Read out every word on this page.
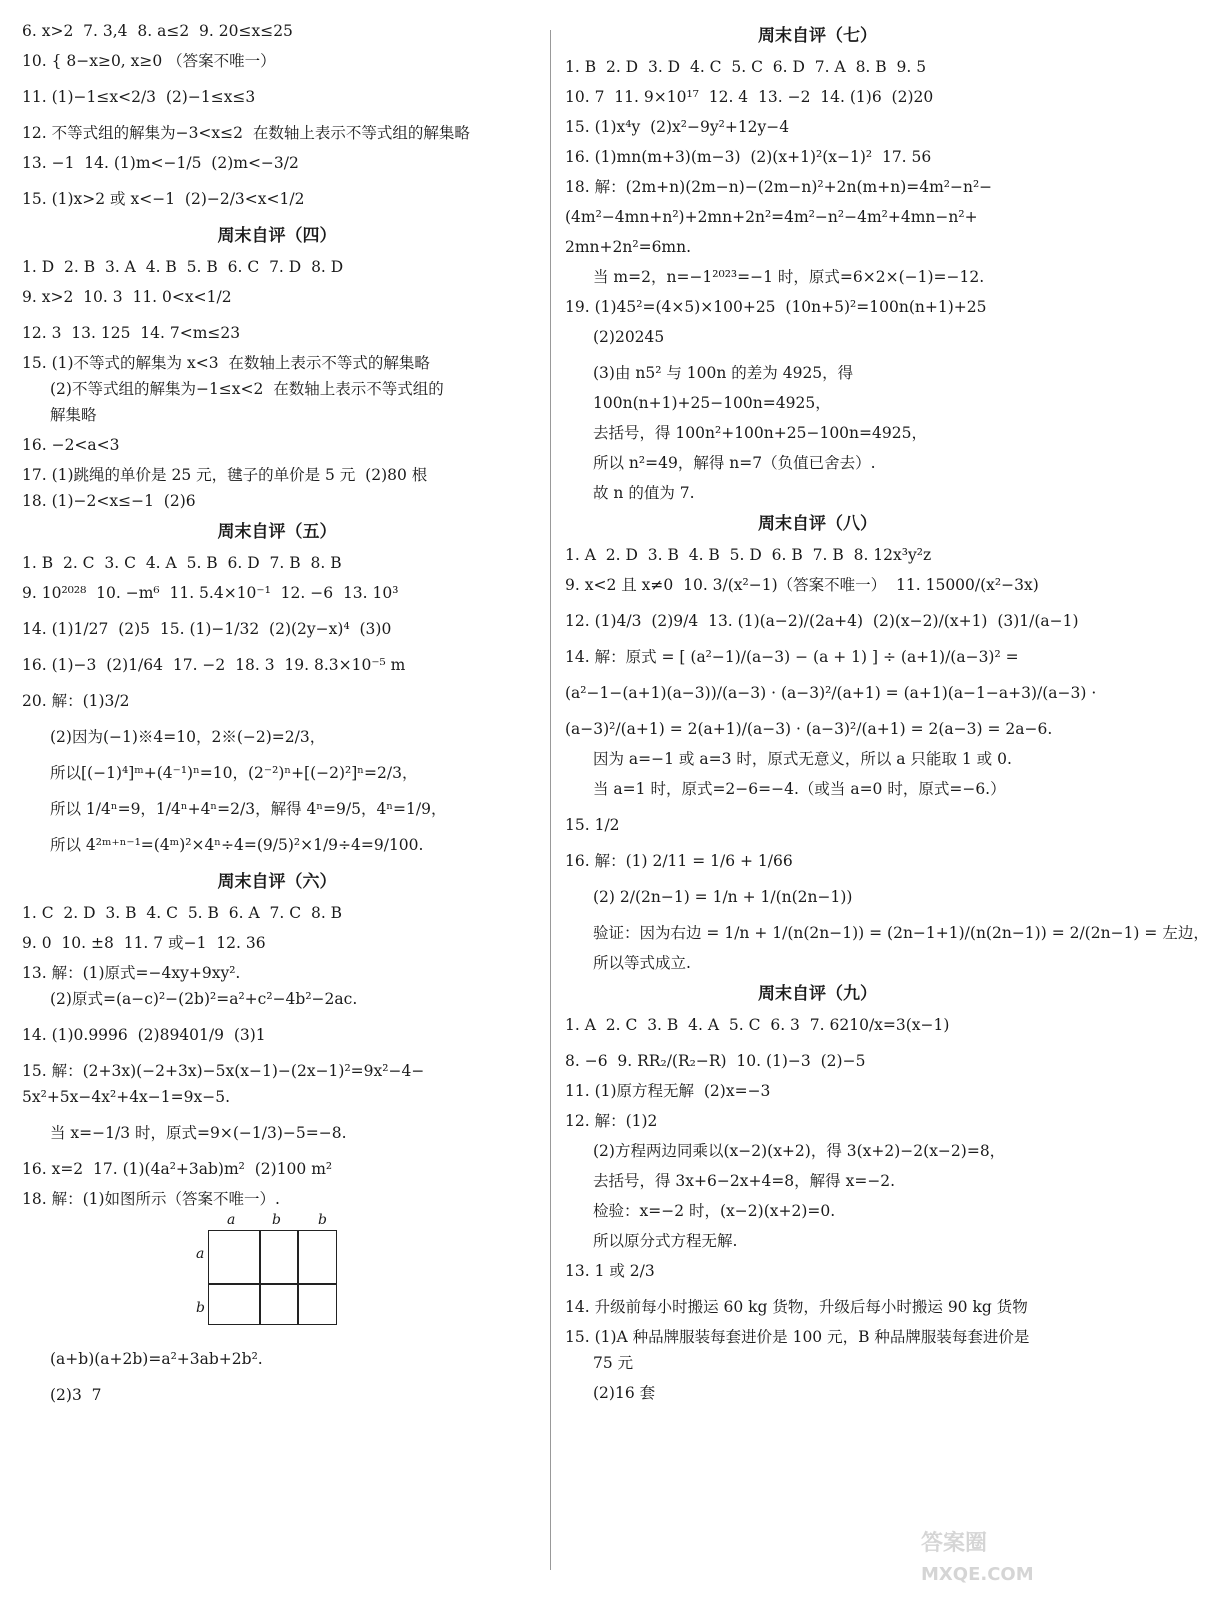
6. x>2  7. 3,4  8. a≤2  9. 20≤x≤25
10. { 8−x≥0, x≥0 （答案不唯一）
11. (1)−1≤x<2/3  (2)−1≤x≤3
12. 不等式组的解集为−3<x≤2  在数轴上表示不等式组的解集略
13. −1  14. (1)m<−1/5  (2)m<−3/2
15. (1)x>2 或 x<−1  (2)−2/3<x<1/2
周末自评（四）
1. D  2. B  3. A  4. B  5. B  6. C  7. D  8. D
9. x>2  10. 3  11. 0<x<1/2
12. 3  13. 125  14. 7<m≤23
15. (1)不等式的解集为 x<3  在数轴上表示不等式的解集略
(2)不等式组的解集为−1≤x<2  在数轴上表示不等式组的
解集略
16. −2<a<3
17. (1)跳绳的单价是 25 元，毽子的单价是 5 元  (2)80 根
18. (1)−2<x≤−1  (2)6
周末自评（五）
1. B  2. C  3. C  4. A  5. B  6. D  7. B  8. B
9. 10²⁰²⁸  10. −m⁶  11. 5.4×10⁻¹  12. −6  13. 10³
14. (1)1/27  (2)5  15. (1)−1/32  (2)(2y−x)⁴  (3)0
16. (1)−3  (2)1/64  17. −2  18. 3  19. 8.3×10⁻⁵ m
20. 解：(1)3/2
(2)因为(−1)※4=10，2※(−2)=2/3，
所以[(−1)⁴]ᵐ+(4⁻¹)ⁿ=10，(2⁻²)ⁿ+[(−2)²]ⁿ=2/3，
所以 1/4ⁿ=9，1/4ⁿ+4ⁿ=2/3，解得 4ⁿ=9/5，4ⁿ=1/9，
所以 4²ᵐ⁺ⁿ⁻¹=(4ᵐ)²×4ⁿ÷4=(9/5)²×1/9÷4=9/100.
周末自评（六）
1. C  2. D  3. B  4. C  5. B  6. A  7. C  8. B
9. 0  10. ±8  11. 7 或−1  12. 36
13. 解：(1)原式=−4xy+9xy².
(2)原式=(a−c)²−(2b)²=a²+c²−4b²−2ac.
14. (1)0.9996  (2)89401/9  (3)1
15. 解：(2+3x)(−2+3x)−5x(x−1)−(2x−1)²=9x²−4−
5x²+5x−4x²+4x−1=9x−5.
当 x=−1/3 时，原式=9×(−1/3)−5=−8.
16. x=2  17. (1)(4a²+3ab)m²  (2)100 m²
18. 解：(1)如图所示（答案不唯一）.
a	b	b
a
b
(a+b)(a+2b)=a²+3ab+2b².
(2)3  7
周末自评（七）
1. B  2. D  3. D  4. C  5. C  6. D  7. A  8. B  9. 5
10. 7  11. 9×10¹⁷  12. 4  13. −2  14. (1)6  (2)20
15. (1)x⁴y  (2)x²−9y²+12y−4
16. (1)mn(m+3)(m−3)  (2)(x+1)²(x−1)²  17. 56
18. 解：(2m+n)(2m−n)−(2m−n)²+2n(m+n)=4m²−n²−
(4m²−4mn+n²)+2mn+2n²=4m²−n²−4m²+4mn−n²+
2mn+2n²=6mn.
当 m=2，n=−1²⁰²³=−1 时，原式=6×2×(−1)=−12.
19. (1)45²=(4×5)×100+25  (10n+5)²=100n(n+1)+25
(2)20245
(3)由 n5² 与 100n 的差为 4925，得
100n(n+1)+25−100n=4925，
去括号，得 100n²+100n+25−100n=4925，
所以 n²=49，解得 n=7（负值已舍去）.
故 n 的值为 7.
周末自评（八）
1. A  2. D  3. B  4. B  5. D  6. B  7. B  8. 12x³y²z
9. x<2 且 x≠0  10. 3/(x²−1)（答案不唯一）  11. 15000/(x²−3x)
12. (1)4/3  (2)9/4  13. (1)(a−2)/(2a+4)  (2)(x−2)/(x+1)  (3)1/(a−1)
14. 解：原式 = [ (a²−1)/(a−3) − (a + 1) ] ÷ (a+1)/(a−3)² =
(a²−1−(a+1)(a−3))/(a−3) · (a−3)²/(a+1) = (a+1)(a−1−a+3)/(a−3) ·
(a−3)²/(a+1) = 2(a+1)/(a−3) · (a−3)²/(a+1) = 2(a−3) = 2a−6.
因为 a=−1 或 a=3 时，原式无意义，所以 a 只能取 1 或 0.
当 a=1 时，原式=2−6=−4.（或当 a=0 时，原式=−6.）
15. 1/2
16. 解：(1) 2/11 = 1/6 + 1/66
(2) 2/(2n−1) = 1/n + 1/(n(2n−1))
验证：因为右边 = 1/n + 1/(n(2n−1)) = (2n−1+1)/(n(2n−1)) = 2/(2n−1) = 左边，
所以等式成立.
周末自评（九）
1. A  2. C  3. B  4. A  5. C  6. 3  7. 6210/x=3(x−1)
8. −6  9. RR₂/(R₂−R)  10. (1)−3  (2)−5
11. (1)原方程无解  (2)x=−3
12. 解：(1)2
(2)方程两边同乘以(x−2)(x+2)，得 3(x+2)−2(x−2)=8，
去括号，得 3x+6−2x+4=8，解得 x=−2.
检验：x=−2 时，(x−2)(x+2)=0.
所以原分式方程无解.
13. 1 或 2/3
14. 升级前每小时搬运 60 kg 货物，升级后每小时搬运 90 kg 货物
15. (1)A 种品牌服装每套进价是 100 元，B 种品牌服装每套进价是
75 元
(2)16 套
答案圈
MXQE.COM
